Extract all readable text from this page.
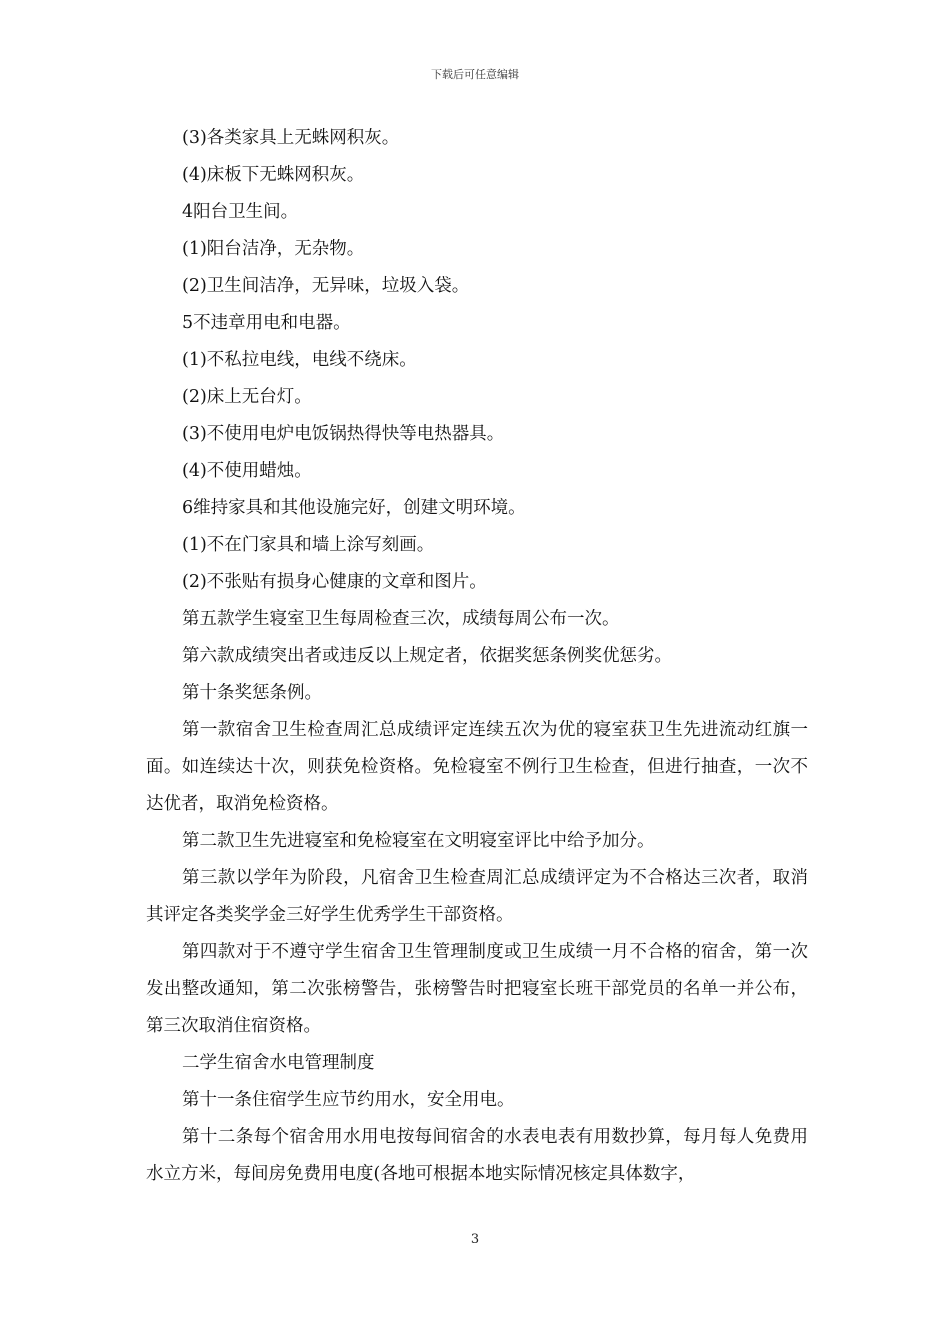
下载后可任意编辑

(3)各类家具上无蛛网积灰。

(4)床板下无蛛网积灰。

4阳台卫生间。

(1)阳台洁净，无杂物。

(2)卫生间洁净，无异味，垃圾入袋。

5不违章用电和电器。

(1)不私拉电线，电线不绕床。

(2)床上无台灯。

(3)不使用电炉电饭锅热得快等电热器具。

(4)不使用蜡烛。

6维持家具和其他设施完好，创建文明环境。

(1)不在门家具和墙上涂写刻画。

(2)不张贴有损身心健康的文章和图片。

第五款学生寝室卫生每周检查三次，成绩每周公布一次。

第六款成绩突出者或违反以上规定者，依据奖惩条例奖优惩劣。

第十条奖惩条例。

第一款宿舍卫生检查周汇总成绩评定连续五次为优的寝室获卫生先进流动红旗一面。如连续达十次，则获免检资格。免检寝室不例行卫生检查，但进行抽查，一次不达优者，取消免检资格。

第二款卫生先进寝室和免检寝室在文明寝室评比中给予加分。

第三款以学年为阶段，凡宿舍卫生检查周汇总成绩评定为不合格达三次者，取消其评定各类奖学金三好学生优秀学生干部资格。

第四款对于不遵守学生宿舍卫生管理制度或卫生成绩一月不合格的宿舍，第一次发出整改通知，第二次张榜警告，张榜警告时把寝室长班干部党员的名单一并公布，第三次取消住宿资格。

二学生宿舍水电管理制度

第十一条住宿学生应节约用水，安全用电。

第十二条每个宿舍用水用电按每间宿舍的水表电表有用数抄算，每月每人免费用水立方米，每间房免费用电度(各地可根据本地实际情况核定具体数字，

3
